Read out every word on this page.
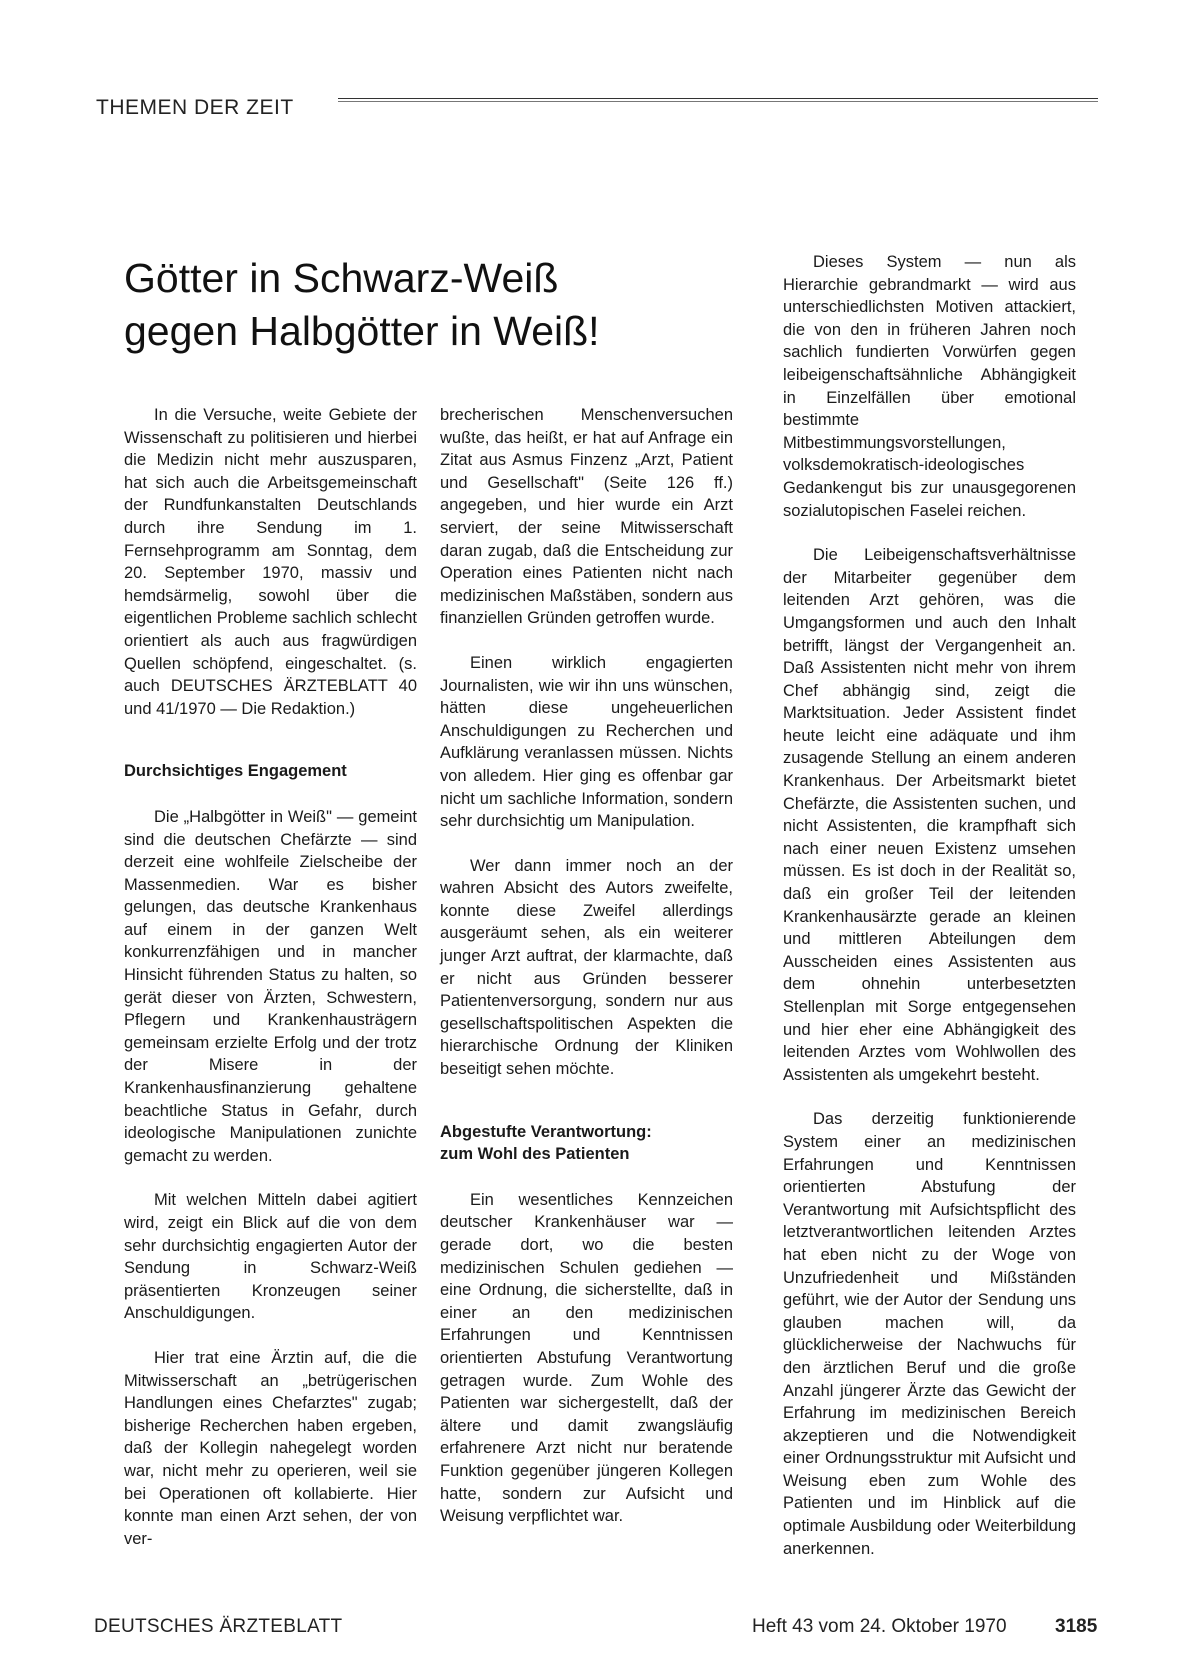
THEMEN DER ZEIT
Götter in Schwarz-Weiß
gegen Halbgötter in Weiß!

In die Versuche, weite Gebiete der Wissenschaft zu politisieren und hierbei die Medizin nicht mehr auszusparen, hat sich auch die Arbeitsgemeinschaft der Rundfunkanstalten Deutschlands durch ihre Sendung im 1. Fernsehprogramm am Sonntag, dem 20. September 1970, massiv und hemdsärmelig, sowohl über die eigentlichen Probleme sachlich schlecht orientiert als auch aus fragwürdigen Quellen schöpfend, eingeschaltet. (s. auch DEUTSCHES ÄRZTEBLATT 40 und 41/1970 — Die Redaktion.)

Durchsichtiges Engagement

Die „Halbgötter in Weiß" — gemeint sind die deutschen Chefärzte — sind derzeit eine wohlfeile Zielscheibe der Massenmedien. War es bisher gelungen, das deutsche Krankenhaus auf einem in der ganzen Welt konkurrenzfähigen und in mancher Hinsicht führenden Status zu halten, so gerät dieser von Ärzten, Schwestern, Pflegern und Krankenhausträgern gemeinsam erzielte Erfolg und der trotz der Misere in der Krankenhausfinanzierung gehaltene beachtliche Status in Gefahr, durch ideologische Manipulationen zunichte gemacht zu werden.

Mit welchen Mitteln dabei agitiert wird, zeigt ein Blick auf die von dem sehr durchsichtig engagierten Autor der Sendung in Schwarz-Weiß präsentierten Kronzeugen seiner Anschuldigungen.

Hier trat eine Ärztin auf, die die Mitwisserschaft an „betrügerischen Handlungen eines Chefarztes" zugab; bisherige Recherchen haben ergeben, daß der Kollegin nahegelegt worden war, nicht mehr zu operieren, weil sie bei Operationen oft kollabierte. Hier konnte man einen Arzt sehen, der von ver-

brecherischen Menschenversuchen wußte, das heißt, er hat auf Anfrage ein Zitat aus Asmus Finzenz „Arzt, Patient und Gesellschaft" (Seite 126 ff.) angegeben, und hier wurde ein Arzt serviert, der seine Mitwisserschaft daran zugab, daß die Entscheidung zur Operation eines Patienten nicht nach medizinischen Maßstäben, sondern aus finanziellen Gründen getroffen wurde.

Einen wirklich engagierten Journalisten, wie wir ihn uns wünschen, hätten diese ungeheuerlichen Anschuldigungen zu Recherchen und Aufklärung veranlassen müssen. Nichts von alledem. Hier ging es offenbar gar nicht um sachliche Information, sondern sehr durchsichtig um Manipulation.

Wer dann immer noch an der wahren Absicht des Autors zweifelte, konnte diese Zweifel allerdings ausgeräumt sehen, als ein weiterer junger Arzt auftrat, der klarmachte, daß er nicht aus Gründen besserer Patientenversorgung, sondern nur aus gesellschaftspolitischen Aspekten die hierarchische Ordnung der Kliniken beseitigt sehen möchte.

Abgestufte Verantwortung:
zum Wohl des Patienten

Ein wesentliches Kennzeichen deutscher Krankenhäuser war — gerade dort, wo die besten medizinischen Schulen gediehen — eine Ordnung, die sicherstellte, daß in einer an den medizinischen Erfahrungen und Kenntnissen orientierten Abstufung Verantwortung getragen wurde. Zum Wohle des Patienten war sichergestellt, daß der ältere und damit zwangsläufig erfahrenere Arzt nicht nur beratende Funktion gegenüber jüngeren Kollegen hatte, sondern zur Aufsicht und Weisung verpflichtet war.

Dieses System — nun als Hierarchie gebrandmarkt — wird aus unterschiedlichsten Motiven attackiert, die von den in früheren Jahren noch sachlich fundierten Vorwürfen gegen leibeigenschaftsähnliche Abhängigkeit in Einzelfällen über emotional bestimmte Mitbestimmungsvorstellungen, volksdemokratisch-ideologisches Gedankengut bis zur unausgegorenen sozialutopischen Faselei reichen.

Die Leibeigenschaftsverhältnisse der Mitarbeiter gegenüber dem leitenden Arzt gehören, was die Umgangsformen und auch den Inhalt betrifft, längst der Vergangenheit an. Daß Assistenten nicht mehr von ihrem Chef abhängig sind, zeigt die Marktsituation. Jeder Assistent findet heute leicht eine adäquate und ihm zusagende Stellung an einem anderen Krankenhaus. Der Arbeitsmarkt bietet Chefärzte, die Assistenten suchen, und nicht Assistenten, die krampfhaft sich nach einer neuen Existenz umsehen müssen. Es ist doch in der Realität so, daß ein großer Teil der leitenden Krankenhausärzte gerade an kleinen und mittleren Abteilungen dem Ausscheiden eines Assistenten aus dem ohnehin unterbesetzten Stellenplan mit Sorge entgegensehen und hier eher eine Abhängigkeit des leitenden Arztes vom Wohlwollen des Assistenten als umgekehrt besteht.

Das derzeitig funktionierende System einer an medizinischen Erfahrungen und Kenntnissen orientierten Abstufung der Verantwortung mit Aufsichtspflicht des letztverantwortlichen leitenden Arztes hat eben nicht zu der Woge von Unzufriedenheit und Mißständen geführt, wie der Autor der Sendung uns glauben machen will, da glücklicherweise der Nachwuchs für den ärztlichen Beruf und die große Anzahl jüngerer Ärzte das Gewicht der Erfahrung im medizinischen Bereich akzeptieren und die Notwendigkeit einer Ordnungsstruktur mit Aufsicht und Weisung eben zum Wohle des Patienten und im Hinblick auf die optimale Ausbildung oder Weiterbildung anerkennen.

DEUTSCHES ÄRZTEBLATT	Heft 43 vom 24. Oktober 1970	3185
